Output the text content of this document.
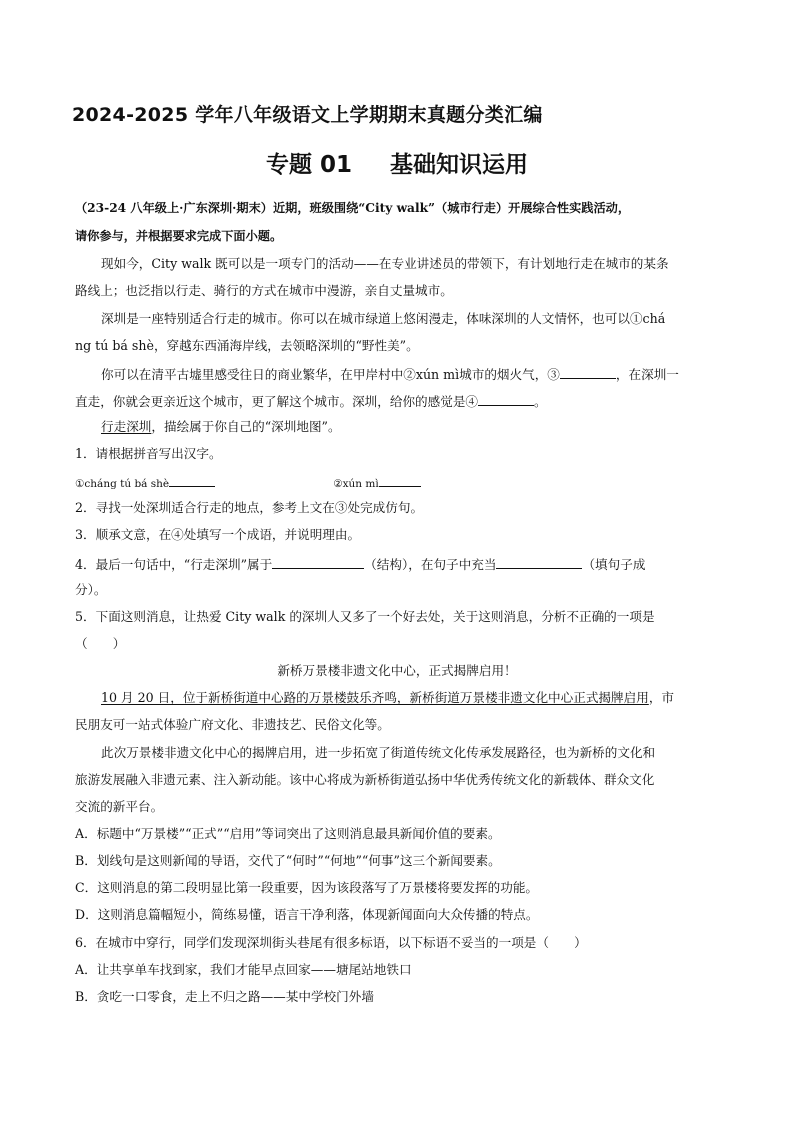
2024-2025 学年八年级语文上学期期末真题分类汇编
专题 01 基础知识运用
（23-24 八年级上·广东深圳·期末）近期，班级围绕“City walk”（城市行走）开展综合性实践活动，
请你参与，并根据要求完成下面小题。
现如今，City walk 既可以是一项专门的活动——在专业讲述员的带领下，有计划地行走在城市的某条
路线上；也泛指以行走、骑行的方式在城市中漫游，亲自丈量城市。
深圳是一座特别适合行走的城市。你可以在城市绿道上悠闲漫走，体味深圳的人文情怀，也可以①chá
ng tú bá shè，穿越东西涌海岸线，去领略深圳的“野性美”。
你可以在清平古墟里感受往日的商业繁华，在甲岸村中②xún mì城市的烟火气，③	，在深圳一
直走，你就会更亲近这个城市，更了解这个城市。深圳，给你的感觉是④	。
行走深圳，描绘属于你自己的“深圳地图”。
1．请根据拼音写出汉字。
①cháng tú bá shè	②xún mì
2．寻找一处深圳适合行走的地点，参考上文在③处完成仿句。
3．顺承文意，在④处填写一个成语，并说明理由。
4．最后一句话中，“行走深圳”属于	（结构），在句子中充当	（填句子成
分）。
5．下面这则消息，让热爱 City walk 的深圳人又多了一个好去处，关于这则消息，分析不正确的一项是
（　　）
新桥万景楼非遗文化中心，正式揭牌启用！
10 月 20 日，位于新桥街道中心路的万景楼鼓乐齐鸣，新桥街道万景楼非遗文化中心正式揭牌启用，市
民朋友可一站式体验广府文化、非遗技艺、民俗文化等。
此次万景楼非遗文化中心的揭牌启用，进一步拓宽了街道传统文化传承发展路径，也为新桥的文化和
旅游发展融入非遗元素、注入新动能。该中心将成为新桥街道弘扬中华优秀传统文化的新载体、群众文化
交流的新平台。
A．标题中“万景楼”“正式”“启用”等词突出了这则消息最具新闻价值的要素。
B．划线句是这则新闻的导语，交代了“何时”“何地”“何事”这三个新闻要素。
C．这则消息的第二段明显比第一段重要，因为该段落写了万景楼将要发挥的功能。
D．这则消息篇幅短小，简练易懂，语言干净利落，体现新闻面向大众传播的特点。
6．在城市中穿行，同学们发现深圳街头巷尾有很多标语，以下标语不妥当的一项是（　　）
A．让共享单车找到家，我们才能早点回家——塘尾站地铁口
B．贪吃一口零食，走上不归之路——某中学校门外墙
